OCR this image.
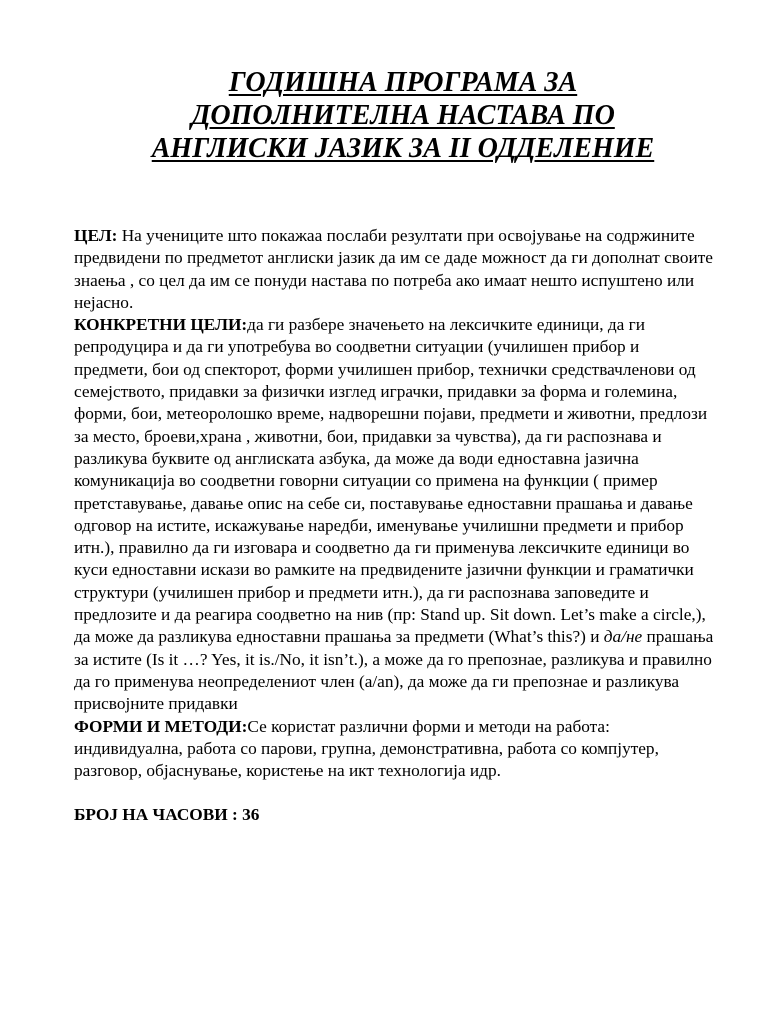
ГОДИШНА ПРОГРАМА ЗА
ДОПОЛНИТЕЛНА НАСТАВА ПО
АНГЛИСКИ ЈАЗИК ЗА II ОДДЕЛЕНИЕ

ЦЕЛ: На учениците што покажаа послаби резултати при освојување на содржините предвидени по предметот англиски јазик да им се даде можност да ги дополнат своите знаења , со цел да им се понуди настава по потреба ако имаат нешто испуштено или нејасно.

КОНКРЕТНИ ЦЕЛИ:да ги разбере значењето на лексичките единици, да ги репродуцира и да ги употребува во соодветни ситуации (училишен прибор и предмети, бои од спекторот, форми училишен прибор, технички средствачленови од семејството, придавки за физички изглед играчки, придавки за форма и големина, форми, бои, метеоролошко време, надворешни појави, предмети и животни, предлози за место, броеви,храна , животни, бои, придавки за чувства), да ги распознава и разликува буквите од англиската азбука, да може да води едноставна јазична комуникација во соодветни говорни ситуации со примена на функции ( пример претставување, давање опис на себе си, поставување едноставни прашања и давање одговор на истите, искажување наредби, именување училишни предмети и прибор итн.), правилно да ги изговара и соодветно да ги применува лексичките единици во куси едноставни искази во рамките на предвидените јазични функции и граматички структури (училишен прибор и предмети итн.), да ги распознава заповедите и предлозите и да реагира соодветно на нив (пр: Stand up. Sit down. Let’s make a circle,), да може да разликува едноставни прашања за предмети (What’s this?) и да/не прашања за истите (Is it …? Yes, it is./No, it isn’t.), а може да го препознае, разликува и правилно да го применува неопределениот член (a/an), да може да ги препознае и разликува присвојните придавки

ФОРМИ И МЕТОДИ:Се користат различни форми и методи на работа: индивидуална, работа со парови, групна, демонстративна, работа со компјутер, разговор, објаснување, користење на икт технологија идр.

БРОЈ НА ЧАСОВИ : 36
